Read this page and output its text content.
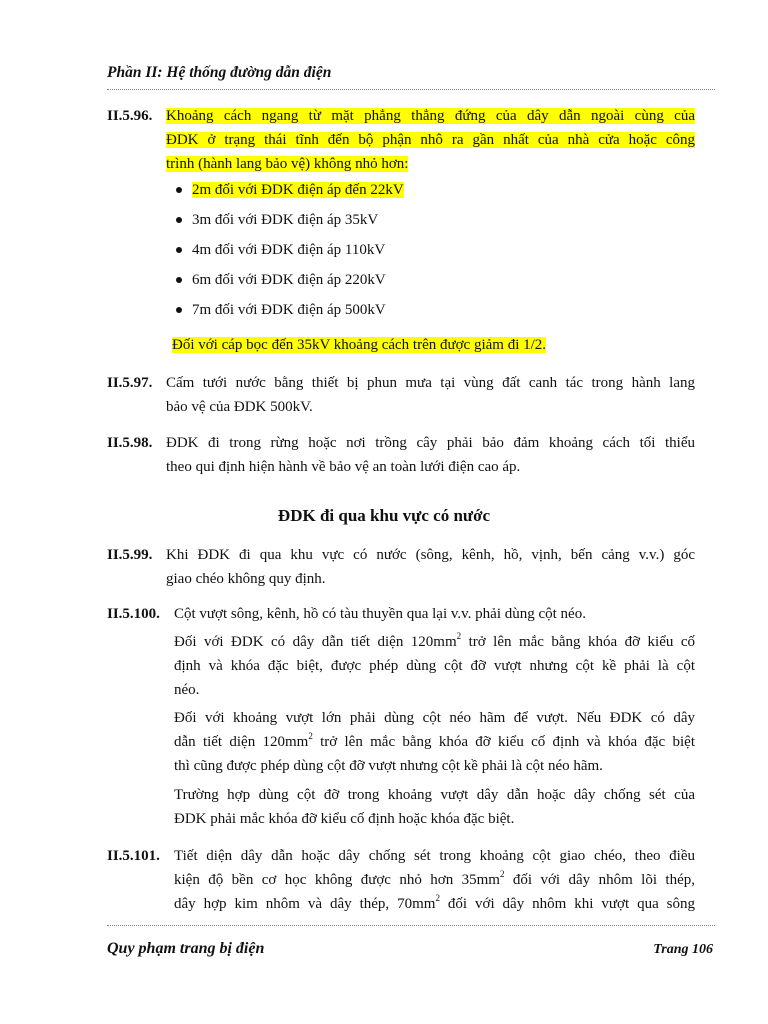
Phần II: Hệ thống đường dẫn điện
II.5.96. Khoảng cách ngang từ mặt phẳng thẳng đứng của dây dẫn ngoài cùng của
ĐDK ở trạng thái tĩnh đến bộ phận nhô ra gần nhất của nhà cửa hoặc công
trình (hành lang bảo vệ) không nhỏ hơn:
2m đối với ĐDK điện áp đến 22kV
3m đối với ĐDK điện áp 35kV
4m đối với ĐDK điện áp 110kV
6m đối với ĐDK điện áp 220kV
7m đối với ĐDK điện áp 500kV
Đối với cáp bọc đến 35kV khoảng cách trên được giảm đi 1/2.
II.5.97. Cấm tưới nước bằng thiết bị phun mưa tại vùng đất canh tác trong hành lang
bảo vệ của ĐDK 500kV.
II.5.98. ĐDK đi trong rừng hoặc nơi trồng cây phải bảo đảm khoảng cách tối thiểu
theo qui định hiện hành về bảo vệ an toàn lưới điện cao áp.
ĐDK đi qua khu vực có nước
II.5.99. Khi ĐDK đi qua khu vực có nước (sông, kênh, hồ, vịnh, bến cảng v.v.) góc
giao chéo không quy định.
II.5.100. Cột vượt sông, kênh, hồ có tàu thuyền qua lại v.v. phải dùng cột néo.
Đối với ĐDK có dây dẫn tiết diện $120mm^2$ trở lên mắc bằng khóa đỡ kiểu cố
định và khóa đặc biệt, được phép dùng cột đỡ vượt nhưng cột kề phải là cột
néo.
Đối với khoảng vượt lớn phải dùng cột néo hãm để vượt. Nếu ĐDK có dây
dẫn tiết diện $120mm^2$ trở lên mắc bằng khóa đỡ kiểu cố định và khóa đặc biệt
thì cũng được phép dùng cột đỡ vượt nhưng cột kề phải là cột néo hãm.
Trường hợp dùng cột đỡ trong khoảng vượt dây dẫn hoặc dây chống sét của
ĐDK phải mắc khóa đỡ kiểu cố định hoặc khóa đặc biệt.
II.5.101. Tiết diện dây dẫn hoặc dây chống sét trong khoảng cột giao chéo, theo điều
kiện độ bền cơ học không được nhỏ hơn $35mm^2$ đối với dây nhôm lõi thép,
dây hợp kim nhôm và dây thép, $70mm^2$ đối với dây nhôm khi vượt qua sông
Quy phạm trang bị điện	Trang 106
